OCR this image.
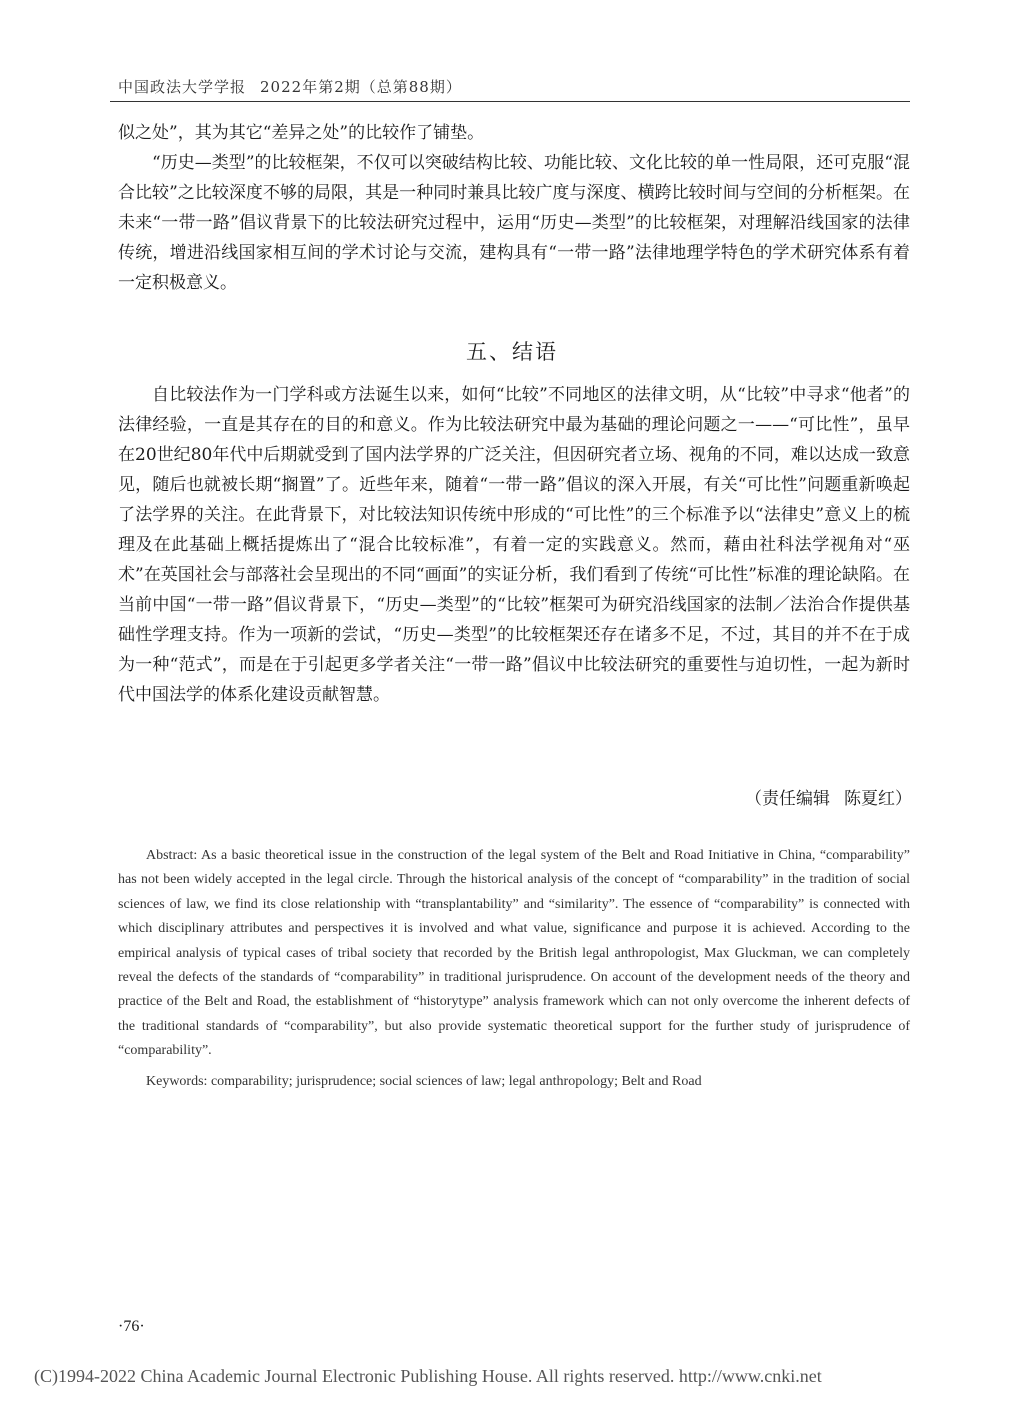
中国政法大学学报 2022年第2期（总第88期）

似之处”，其为其它“差异之处”的比较作了铺垫。

“历史—类型”的比较框架，不仅可以突破结构比较、功能比较、文化比较的单一性局限，还可克服“混合比较”之比较深度不够的局限，其是一种同时兼具比较广度与深度、横跨比较时间与空间的分析框架。在未来“一带一路”倡议背景下的比较法研究过程中，运用“历史—类型”的比较框架，对理解沿线国家的法律传统，增进沿线国家相互间的学术讨论与交流，建构具有“一带一路”法律地理学特色的学术研究体系有着一定积极意义。

五、结语

自比较法作为一门学科或方法诞生以来，如何“比较”不同地区的法律文明，从“比较”中寻求“他者”的法律经验，一直是其存在的目的和意义。作为比较法研究中最为基础的理论问题之一——“可比性”，虽早在20世纪80年代中后期就受到了国内法学界的广泛关注，但因研究者立场、视角的不同，难以达成一致意见，随后也就被长期“搁置”了。近些年来，随着“一带一路”倡议的深入开展，有关“可比性”问题重新唤起了法学界的关注。在此背景下，对比较法知识传统中形成的“可比性”的三个标准予以“法律史”意义上的梳理及在此基础上概括提炼出了“混合比较标准”，有着一定的实践意义。然而，藉由社科法学视角对“巫术”在英国社会与部落社会呈现出的不同“画面”的实证分析，我们看到了传统“可比性”标准的理论缺陷。在当前中国“一带一路”倡议背景下，“历史—类型”的“比较”框架可为研究沿线国家的法制／法治合作提供基础性学理支持。作为一项新的尝试，“历史—类型”的比较框架还存在诸多不足，不过，其目的并不在于成为一种“范式”，而是在于引起更多学者关注“一带一路”倡议中比较法研究的重要性与迫切性，一起为新时代中国法学的体系化建设贡献智慧。

（责任编辑 陈夏红）

Abstract: As a basic theoretical issue in the construction of the legal system of the Belt and Road Initiative in China, “comparability” has not been widely accepted in the legal circle. Through the historical analysis of the concept of “comparability” in the tradition of social sciences of law, we find its close relationship with “transplantability” and “similarity”. The essence of “comparability” is connected with which disciplinary attributes and perspectives it is involved and what value, significance and purpose it is achieved. According to the empirical analysis of typical cases of tribal society that recorded by the British legal anthropologist, Max Gluckman, we can completely reveal the defects of the standards of “comparability” in traditional jurisprudence. On account of the development needs of the theory and practice of the Belt and Road, the establishment of “historytype” analysis framework which can not only overcome the inherent defects of the traditional standards of “comparability”, but also provide systematic theoretical support for the further study of jurisprudence of “comparability”.

Keywords: comparability; jurisprudence; social sciences of law; legal anthropology; Belt and Road

·76·
(C)1994-2022 China Academic Journal Electronic Publishing House. All rights reserved. http://www.cnki.net
